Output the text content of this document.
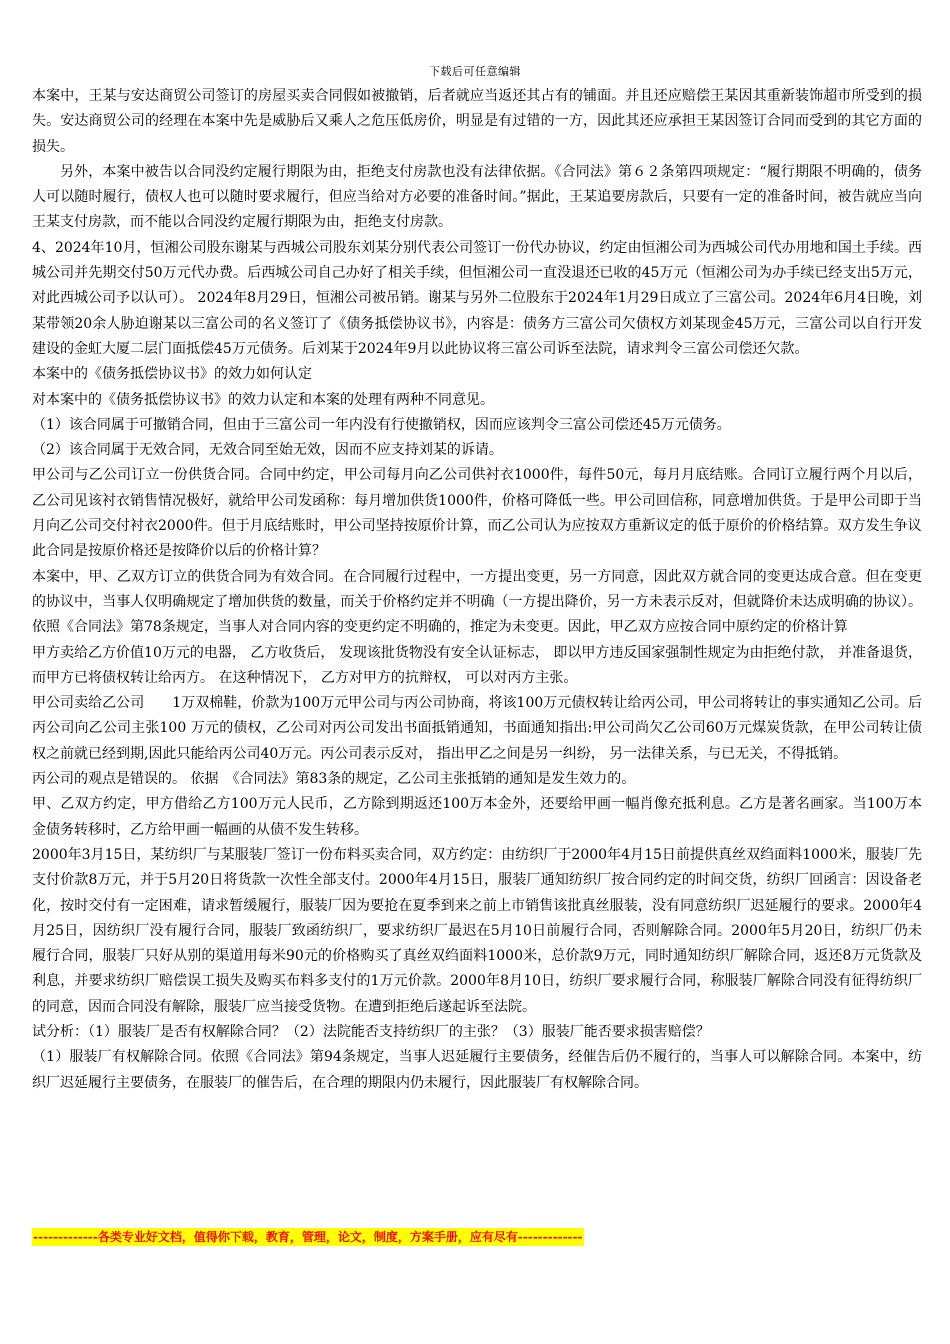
下载后可任意编辑

本案中，王某与安达商贸公司签订的房屋买卖合同假如被撤销，后者就应当返还其占有的铺面。并且还应赔偿王某因其重新装饰超市所受到的损失。安达商贸公司的经理在本案中先是威胁后又乘人之危压低房价，明显是有过错的一方，因此其还应承担王某因签订合同而受到的其它方面的损失。

另外，本案中被告以合同没约定履行期限为由，拒绝支付房款也没有法律依据。《合同法》第６２条第四项规定：“履行期限不明确的，债务人可以随时履行，债权人也可以随时要求履行，但应当给对方必要的准备时间。”据此，王某追要房款后，只要有一定的准备时间，被告就应当向王某支付房款，而不能以合同没约定履行期限为由，拒绝支付房款。

4、2024年10月，恒湘公司股东谢某与西城公司股东刘某分别代表公司签订一份代办协议，约定由恒湘公司为西城公司代办用地和国土手续。西城公司并先期交付50万元代办费。后西城公司自己办好了相关手续，但恒湘公司一直没退还已收的45万元（恒湘公司为办手续已经支出5万元，对此西城公司予以认可）。 2024年8月29日，恒湘公司被吊销。谢某与另外二位股东于2024年1月29日成立了三富公司。2024年6月4日晚，刘某带领20余人胁迫谢某以三富公司的名义签订了《债务抵偿协议书》，内容是：债务方三富公司欠债权方刘某现金45万元，三富公司以自行开发建设的金虹大厦二层门面抵偿45万元债务。后刘某于2024年9月以此协议将三富公司诉至法院，请求判令三富公司偿还欠款。

本案中的《债务抵偿协议书》的效力如何认定

对本案中的《债务抵偿协议书》的效力认定和本案的处理有两种不同意见。

（1）该合同属于可撤销合同，但由于三富公司一年内没有行使撤销权，因而应该判令三富公司偿还45万元债务。

（2）该合同属于无效合同，无效合同至始无效，因而不应支持刘某的诉请。

甲公司与乙公司订立一份供货合同。合同中约定，甲公司每月向乙公司供衬衣1000件，每件50元，每月月底结账。合同订立履行两个月以后，乙公司见该衬衣销售情况极好，就给甲公司发函称：每月增加供货1000件，价格可降低一些。甲公司回信称，同意增加供货。于是甲公司即于当月向乙公司交付衬衣2000件。但于月底结账时，甲公司坚持按原价计算，而乙公司认为应按双方重新议定的低于原价的价格结算。双方发生争议

此合同是按原价格还是按降价以后的价格计算？

本案中，甲、乙双方订立的供货合同为有效合同。在合同履行过程中，一方提出变更，另一方同意，因此双方就合同的变更达成合意。但在变更的协议中，当事人仅明确规定了增加供货的数量，而关于价格约定并不明确（一方提出降价，另一方未表示反对，但就降价未达成明确的协议）。依照《合同法》第78条规定，当事人对合同内容的变更约定不明确的，推定为未变更。因此，甲乙双方应按合同中原约定的价格计算

甲方卖给乙方价值10万元的电器， 乙方收货后， 发现该批货物没有安全认证标志， 即以甲方违反国家强制性规定为由拒绝付款， 并准备退货， 而甲方已将债权转让给丙方。 在这种情况下， 乙方对甲方的抗辩权， 可以对丙方主张。

甲公司卖给乙公司　　1万双棉鞋，价款为100万元甲公司与丙公司协商，将该100万元债权转让给丙公司，甲公司将转让的事实通知乙公司。后丙公司向乙公司主张100 万元的债权，乙公司对丙公司发出书面抵销通知，书面通知指出:甲公司尚欠乙公司60万元煤炭货款，在甲公司转让债权之前就已经到期,因此只能给丙公司40万元。丙公司表示反对， 指出甲乙之间是另一纠纷， 另一法律关系，与已无关，不得抵销。

丙公司的观点是错误的。 依据　《合同法》第83条的规定，乙公司主张抵销的通知是发生效力的。

甲、乙双方约定，甲方借给乙方100万元人民币，乙方除到期返还100万本金外，还要给甲画一幅肖像充抵利息。乙方是著名画家。当100万本金债务转移时，乙方给甲画一幅画的从债不发生转移。

2000年3月15日，某纺织厂与某服装厂签订一份布料买卖合同，双方约定：由纺织厂于2000年4月15日前提供真丝双绉面料1000米，服装厂先支付价款8万元，并于5月20日将货款一次性全部支付。2000年4月15日，服装厂通知纺织厂按合同约定的时间交货，纺织厂回函言：因设备老化，按时交付有一定困难，请求暂缓履行，服装厂因为要抢在夏季到来之前上市销售该批真丝服装，没有同意纺织厂迟延履行的要求。2000年4月25日，因纺织厂没有履行合同，服装厂致函纺织厂，要求纺织厂最迟在5月10日前履行合同，否则解除合同。2000年5月20日，纺织厂仍未履行合同，服装厂只好从别的渠道用每米90元的价格购买了真丝双绉面料1000米，总价款9万元，同时通知纺织厂解除合同，返还8万元货款及利息，并要求纺织厂赔偿误工损失及购买布料多支付的1万元价款。2000年8月10日，纺织厂要求履行合同，称服装厂解除合同没有征得纺织厂的同意，因而合同没有解除，服装厂应当接受货物。在遭到拒绝后遂起诉至法院。

试分析：（1）服装厂是否有权解除合同？（2）法院能否支持纺织厂的主张？（3）服装厂能否要求损害赔偿？

（1）服装厂有权解除合同。依照《合同法》第94条规定，当事人迟延履行主要债务，经催告后仍不履行的，当事人可以解除合同。本案中，纺织厂迟延履行主要债务，在服装厂的催告后，在合理的期限内仍未履行，因此服装厂有权解除合同。

-------------各类专业好文档，值得你下载，教育，管理，论文，制度，方案手册，应有尽有-------------
